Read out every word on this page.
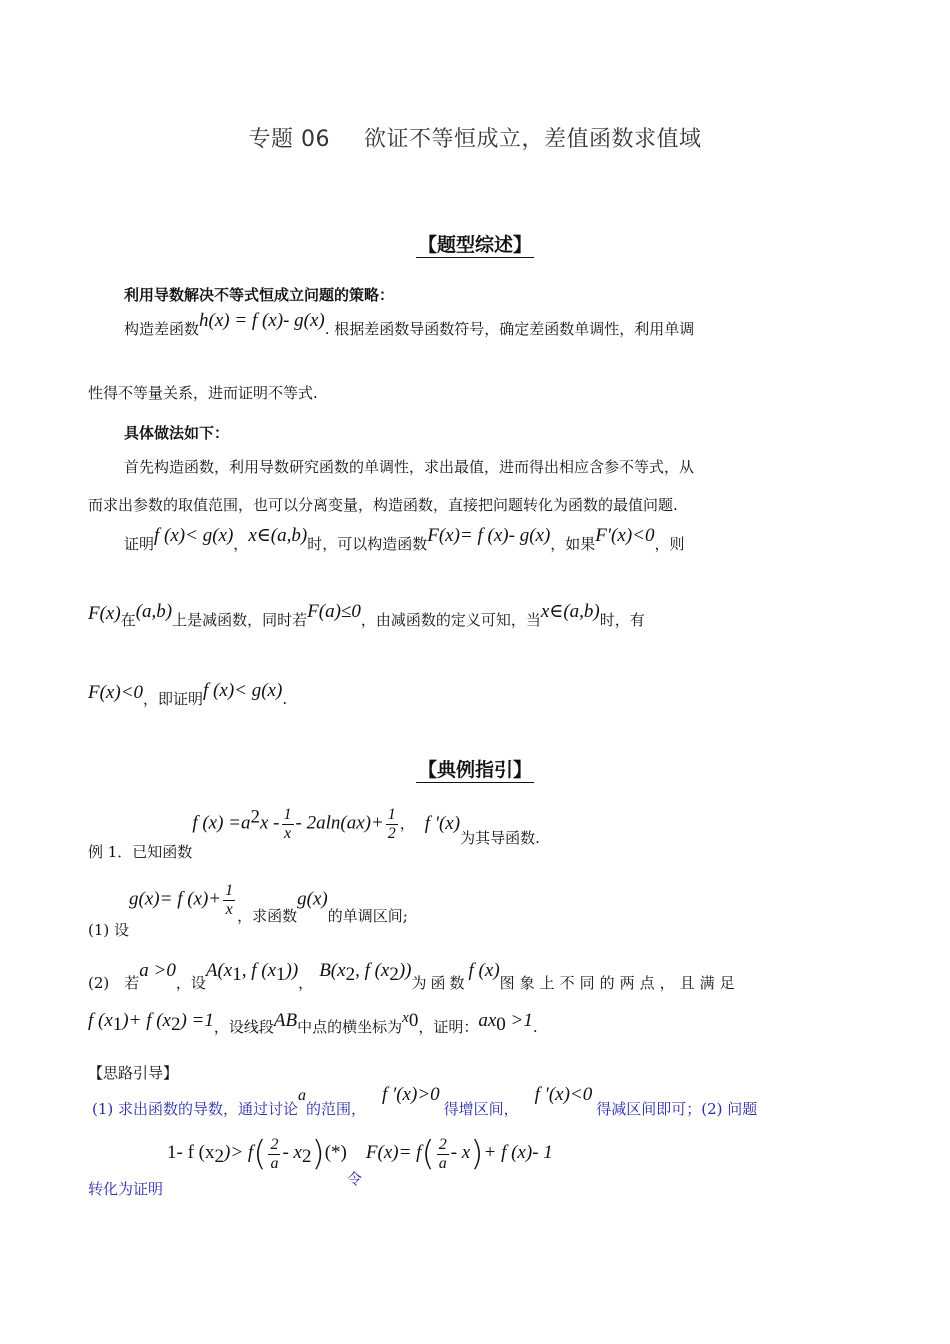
专题 06 欲证不等恒成立，差值函数求值域
【题型综述】
利用导数解决不等式恒成立问题的策略：
构造差函数h(x) = f (x)- g(x). 根据差函数导函数符号，确定差函数单调性，利用单调
性得不等量关系，进而证明不等式.
具体做法如下：
首先构造函数，利用导数研究函数的单调性，求出最值，进而得出相应含参不等式，从
而求出参数的取值范围，也可以分离变量，构造函数，直接把问题转化为函数的最值问题.
证明f (x)< g(x)，x∈(a,b)时，可以构造函数F(x)= f (x)- g(x)，如果F′(x)<0，则
F(x)在(a,b)上是减函数，同时若F(a)≤0，由减函数的定义可知，当x∈(a,b)时，有
F(x)<0，即证明f (x)< g(x).
【典例指引】
例 1．已知函数f $(x) =a^2x - \frac{1}{x} - 2aln(ax)+ \frac{1}{2}$ ， f ′(x)为其导函数.
(1) 设g(x)= f $(x)+ \frac{1}{x}$ ，求函数g(x)的单调区间;
(2)　若a >0，设$A(x_1$, f $(x_1)$)，$B(x_2$, f $(x_2)$)为函数f (x)图象上不同的两点，且满足
f $(x_1)+ f$ $(x_2) =1$，设线段AB中点的横坐标为$x_0$，证明：$ax_0 >1$.
【思路引导】
(1) 求出函数的导数，通过讨论a的范围，f ′(x)>0得增区间，f ′(x)<0得减区间即可；(2) 问题
转化为证明1- f $(x_2)> f( \frac{2}{a} - x_2)(*)$令$F(x)= f( \frac{2}{a} - x)+ f$ (x)- 1
